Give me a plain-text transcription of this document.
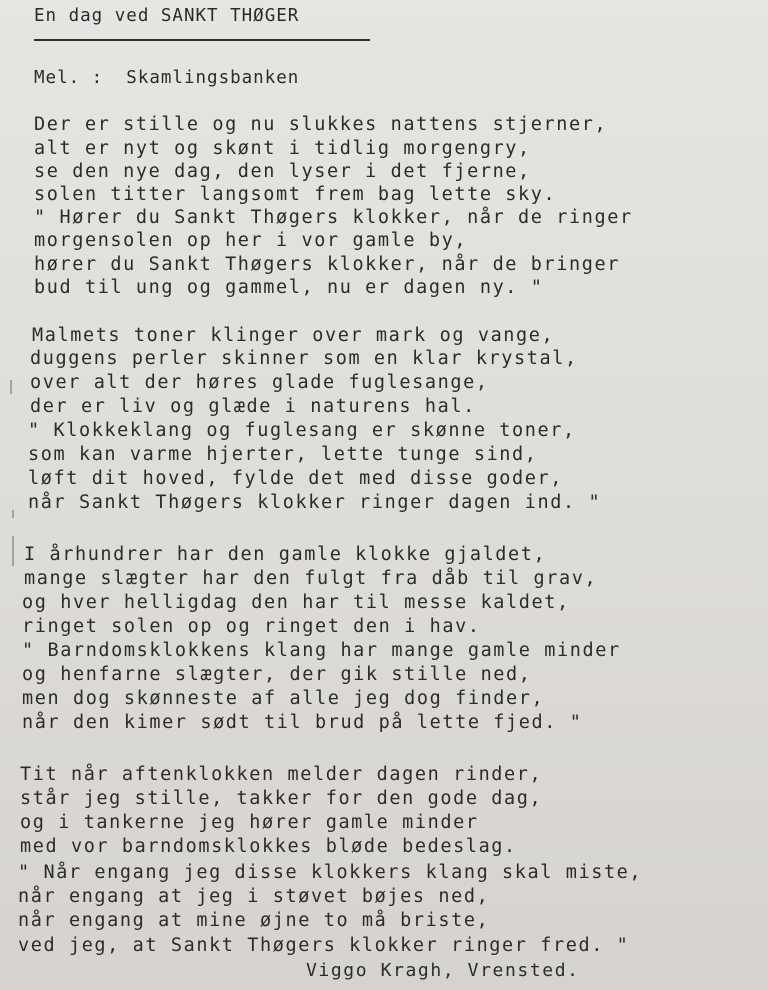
En dag ved SANKT THØGER
Mel. :  Skamlingsbanken
Der er stille og nu slukkes nattens stjerner,
alt er nyt og skønt i tidlig morgengry,
se den nye dag, den lyser i det fjerne,
solen titter langsomt frem bag lette sky.
" Hører du Sankt Thøgers klokker, når de ringer
morgensolen op her i vor gamle by,
hører du Sankt Thøgers klokker, når de bringer
bud til ung og gammel, nu er dagen ny. "
Malmets toner klinger over mark og vange,
duggens perler skinner som en klar krystal,
over alt der høres glade fuglesange,
der er liv og glæde i naturens hal.
" Klokkeklang og fuglesang er skønne toner,
som kan varme hjerter, lette tunge sind,
løft dit hoved, fylde det med disse goder,
når Sankt Thøgers klokker ringer dagen ind. "
I århundrer har den gamle klokke gjaldet,
mange slægter har den fulgt fra dåb til grav,
og hver helligdag den har til messe kaldet,
ringet solen op og ringet den i hav.
" Barndomsklokkens klang har mange gamle minder
og henfarne slægter, der gik stille ned,
men dog skønneste af alle jeg dog finder,
når den kimer sødt til brud på lette fjed. "
Tit når aftenklokken melder dagen rinder,
står jeg stille, takker for den gode dag,
og i tankerne jeg hører gamle minder
med vor barndomsklokkes bløde bedeslag.
" Når engang jeg disse klokkers klang skal miste,
når engang at jeg i støvet bøjes ned,
når engang at mine øjne to må briste,
ved jeg, at Sankt Thøgers klokker ringer fred. "
Viggo Kragh, Vrensted.
